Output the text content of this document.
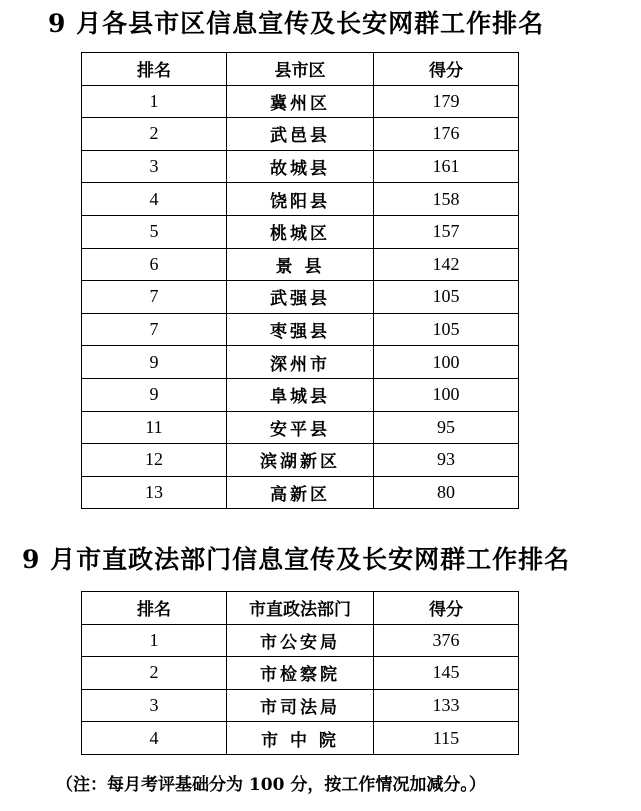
9 月各县市区信息宣传及长安网群工作排名
排名	县市区	得分
1	冀州区	179
2	武邑县	176
3	故城县	161
4	饶阳县	158
5	桃城区	157
6	景 县	142
7	武强县	105
7	枣强县	105
9	深州市	100
9	阜城县	100
11	安平县	95
12	滨湖新区	93
13	高新区	80
9 月市直政法部门信息宣传及长安网群工作排名
排名	市直政法部门	得分
1	市公安局	376
2	市检察院	145
3	市司法局	133
4	市 中 院	115

（注：每月考评基础分为 100 分，按工作情况加减分。）
